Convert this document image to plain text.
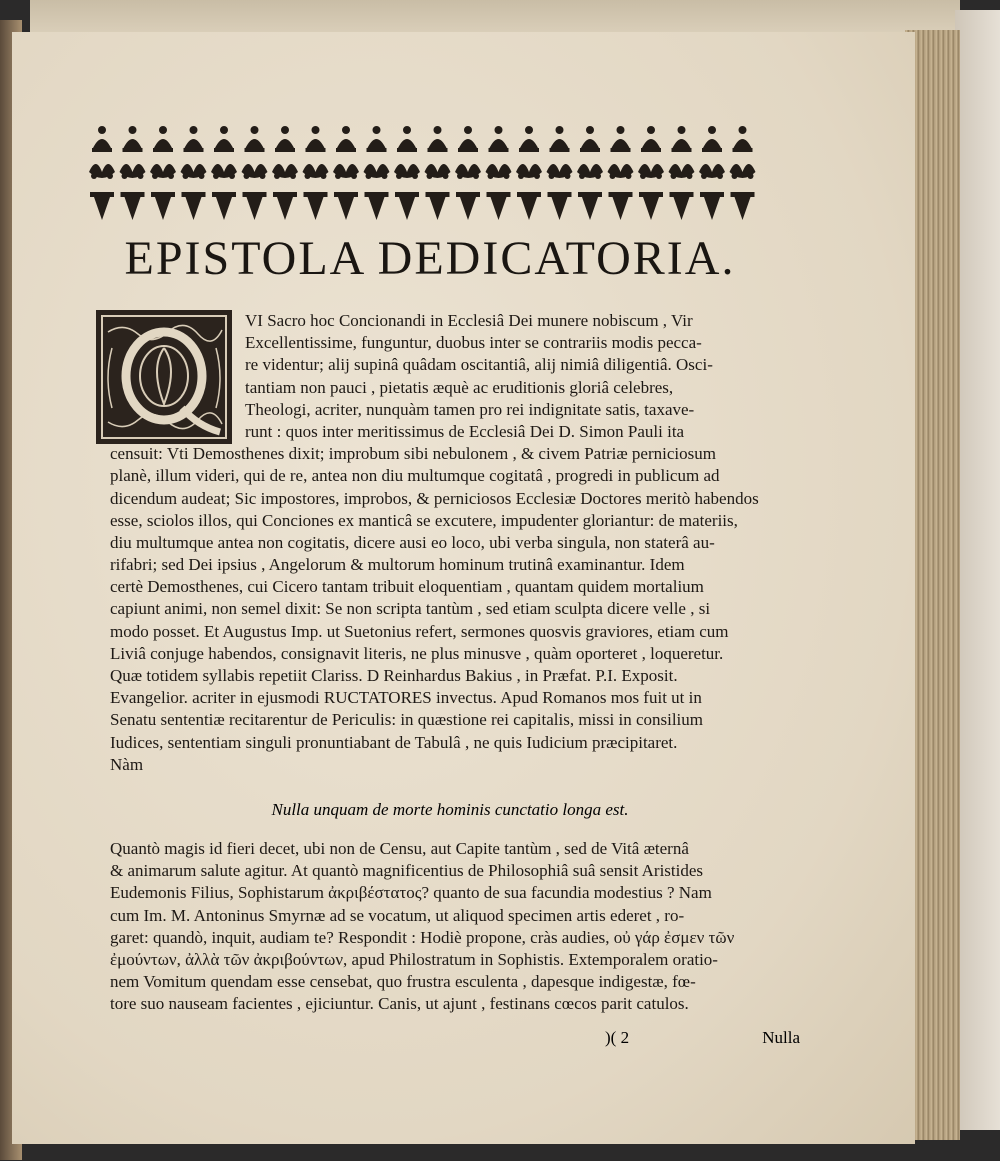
EPISTOLA DEDICATORIA.
VI Sacro hoc Concionandi in Ecclesiâ Dei munere nobiscum , Vir
Excellentissime, funguntur, duobus inter se contrariis modis pecca-
re videntur; alij supinâ quâdam oscitantiâ, alij nimiâ diligentiâ. Osci-
tantiam non pauci , pietatis æquè ac eruditionis gloriâ celebres,
Theologi, acriter, nunquàm tamen pro rei indignitate satis, taxave-
runt : quos inter meritissimus de Ecclesiâ Dei D. Simon Pauli ita
censuit: Vti Demosthenes dixit; improbum sibi nebulonem , & civem Patriæ perniciosum
planè, illum videri, qui de re, antea non diu multumque cogitatâ , progredi in publicum ad
dicendum audeat; Sic impostores, improbos, & perniciosos Ecclesiæ Doctores meritò habendos
esse, sciolos illos, qui Conciones ex manticâ se excutere, impudenter gloriantur: de materiis,
diu multumque antea non cogitatis, dicere ausi eo loco, ubi verba singula, non staterâ au-
rifabri; sed Dei ipsius , Angelorum & multorum hominum trutinâ examinantur. Idem
certè Demosthenes, cui Cicero tantam tribuit eloquentiam , quantam quidem mortalium
capiunt animi, non semel dixit: Se non scripta tantùm , sed etiam sculpta dicere velle , si
modo posset. Et Augustus Imp. ut Suetonius refert, sermones quosvis graviores, etiam cum
Liviâ conjuge habendos, consignavit literis, ne plus minusve , quàm oporteret , loqueretur.
Quæ totidem syllabis repetiit Clariss. D Reinhardus Bakius , in Præfat. P.I. Exposit.
Evangelior. acriter in ejusmodi RUCTATORES invectus. Apud Romanos mos fuit ut in
Senatu sententiæ recitarentur de Periculis: in quæstione rei capitalis, missi in consilium
Iudices, sententiam singuli pronuntiabant de Tabulâ , ne quis Iudicium præcipitaret.
Nàm
Nulla unquam de morte hominis cunctatio longa est.
Quantò magis id fieri decet, ubi non de Censu, aut Capite tantùm , sed de Vitâ æternâ
& animarum salute agitur. At quantò magnificentius de Philosophiâ suâ sensit Aristides
Eudemonis Filius, Sophistarum ἀκριβέστατος? quanto de sua facundia modestius ? Nam
cum Im. M. Antoninus Smyrnæ ad se vocatum, ut aliquod specimen artis ederet , ro-
garet: quandò, inquit, audiam te? Respondit : Hodiè propone, cràs audies, οὐ γάρ ἐσμεν τῶν
ἐμούντων, ἀλλὰ τῶν ἀκριβούντων, apud Philostratum in Sophistis. Extemporalem oratio-
nem Vomitum quendam esse censebat, quo frustra esculenta , dapesque indigestæ, fœ-
tore suo nauseam facientes , ejiciuntur. Canis, ut ajunt , festinans cœcos parit catulos.
)( 2	Nulla
